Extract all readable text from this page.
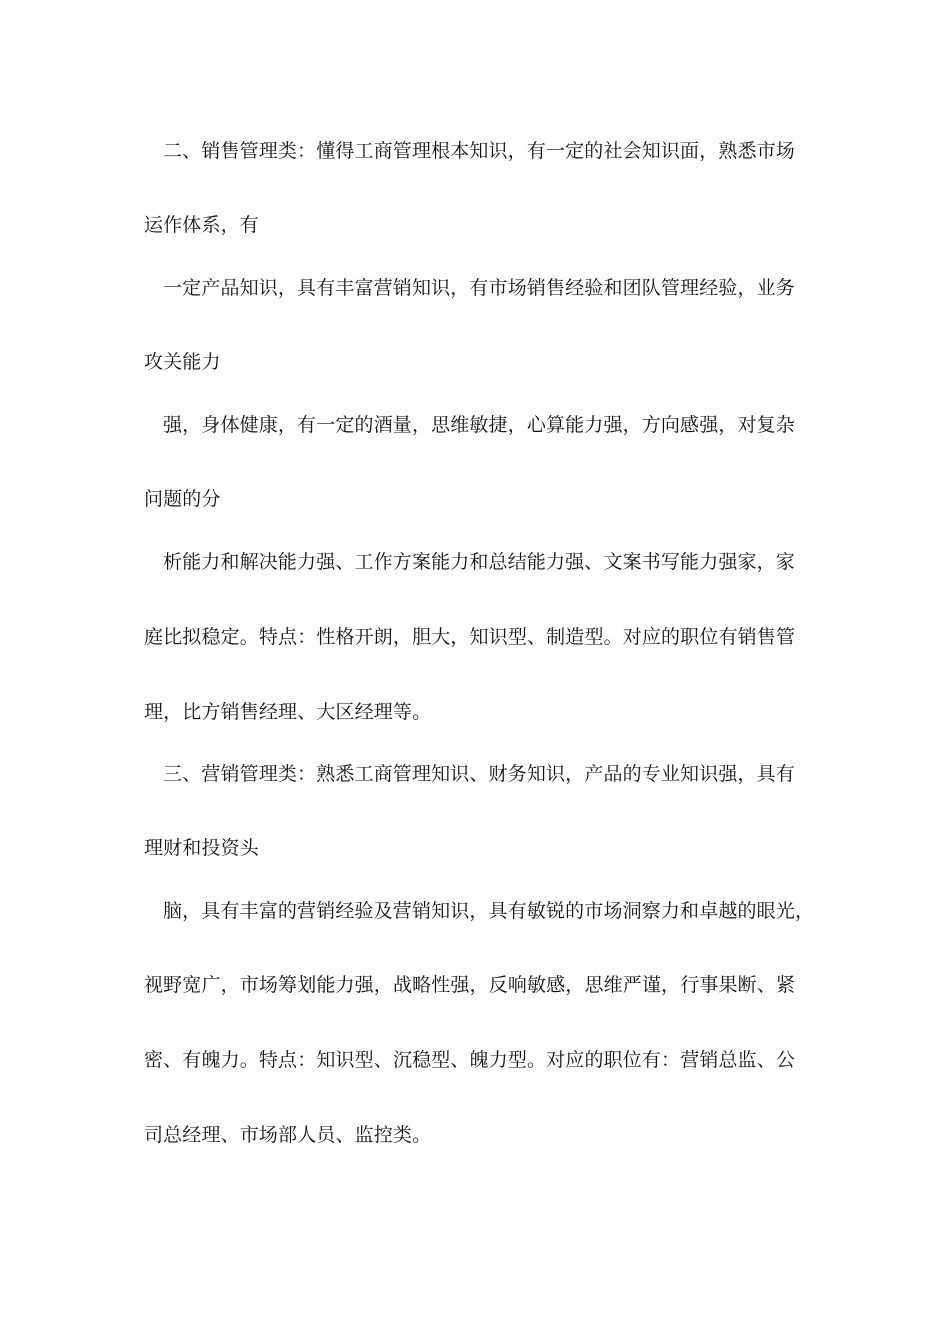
二、销售管理类：懂得工商管理根本知识，有一定的社会知识面，熟悉市场
运作体系，有
一定产品知识，具有丰富营销知识，有市场销售经验和团队管理经验，业务
攻关能力
强，身体健康，有一定的酒量，思维敏捷，心算能力强，方向感强，对复杂
问题的分
析能力和解决能力强、工作方案能力和总结能力强、文案书写能力强家，家
庭比拟稳定。特点：性格开朗，胆大，知识型、制造型。对应的职位有销售管
理，比方销售经理、大区经理等。
三、营销管理类：熟悉工商管理知识、财务知识，产品的专业知识强，具有
理财和投资头
脑，具有丰富的营销经验及营销知识，具有敏锐的市场洞察力和卓越的眼光，
视野宽广，市场筹划能力强，战略性强，反响敏感，思维严谨，行事果断、紧
密、有魄力。特点：知识型、沉稳型、魄力型。对应的职位有：营销总监、公
司总经理、市场部人员、监控类。
